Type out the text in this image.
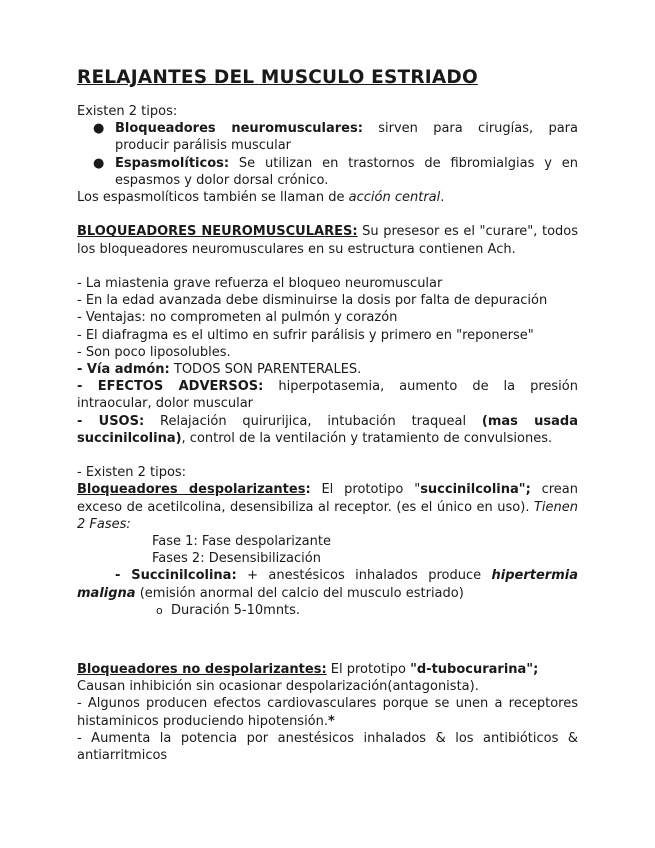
RELAJANTES DEL MUSCULO ESTRIADO

Existen 2 tipos:

● Bloqueadores neuromusculares: sirven para cirugías, para producir parálisis muscular
● Espasmolíticos: Se utilizan en trastornos de fibromialgias y en espasmos y dolor dorsal crónico.

Los espasmolíticos también se llaman de acción central.

BLOQUEADORES NEUROMUSCULARES: Su presesor es el "curare", todos los bloqueadores neuromusculares en su estructura contienen Ach.

- La miastenia grave refuerza el bloqueo neuromuscular

- En la edad avanzada debe disminuirse la dosis por falta de depuración

- Ventajas: no comprometen al pulmón y corazón

- El diafragma es el ultimo en sufrir parálisis y primero en "reponerse"

- Son poco liposolubles.

- Vía admón: TODOS SON PARENTERALES.

- EFECTOS ADVERSOS: hiperpotasemia, aumento de la presión intraocular, dolor muscular

- USOS: Relajación quirurijica, intubación traqueal (mas usada succinilcolina), control de la ventilación y tratamiento de convulsiones.

- Existen 2 tipos:

Bloqueadores despolarizantes: El prototipo "succinilcolina"; crean exceso de acetilcolina, desensibiliza al receptor. (es el único en uso). Tienen 2 Fases:

Fase 1: Fase despolarizante

Fases 2: Desensibilización

- Succinilcolina: + anestésicos inhalados produce hipertermia maligna (emisión anormal del calcio del musculo estriado)

o Duración 5-10mnts.

Bloqueadores no despolarizantes: El prototipo "d-tubocurarina";

Causan inhibición sin ocasionar despolarización(antagonista).

- Algunos producen efectos cardiovasculares porque se unen a receptores histaminicos produciendo hipotensión.*

- Aumenta la potencia por anestésicos inhalados & los antibióticos & antiarritmicos
